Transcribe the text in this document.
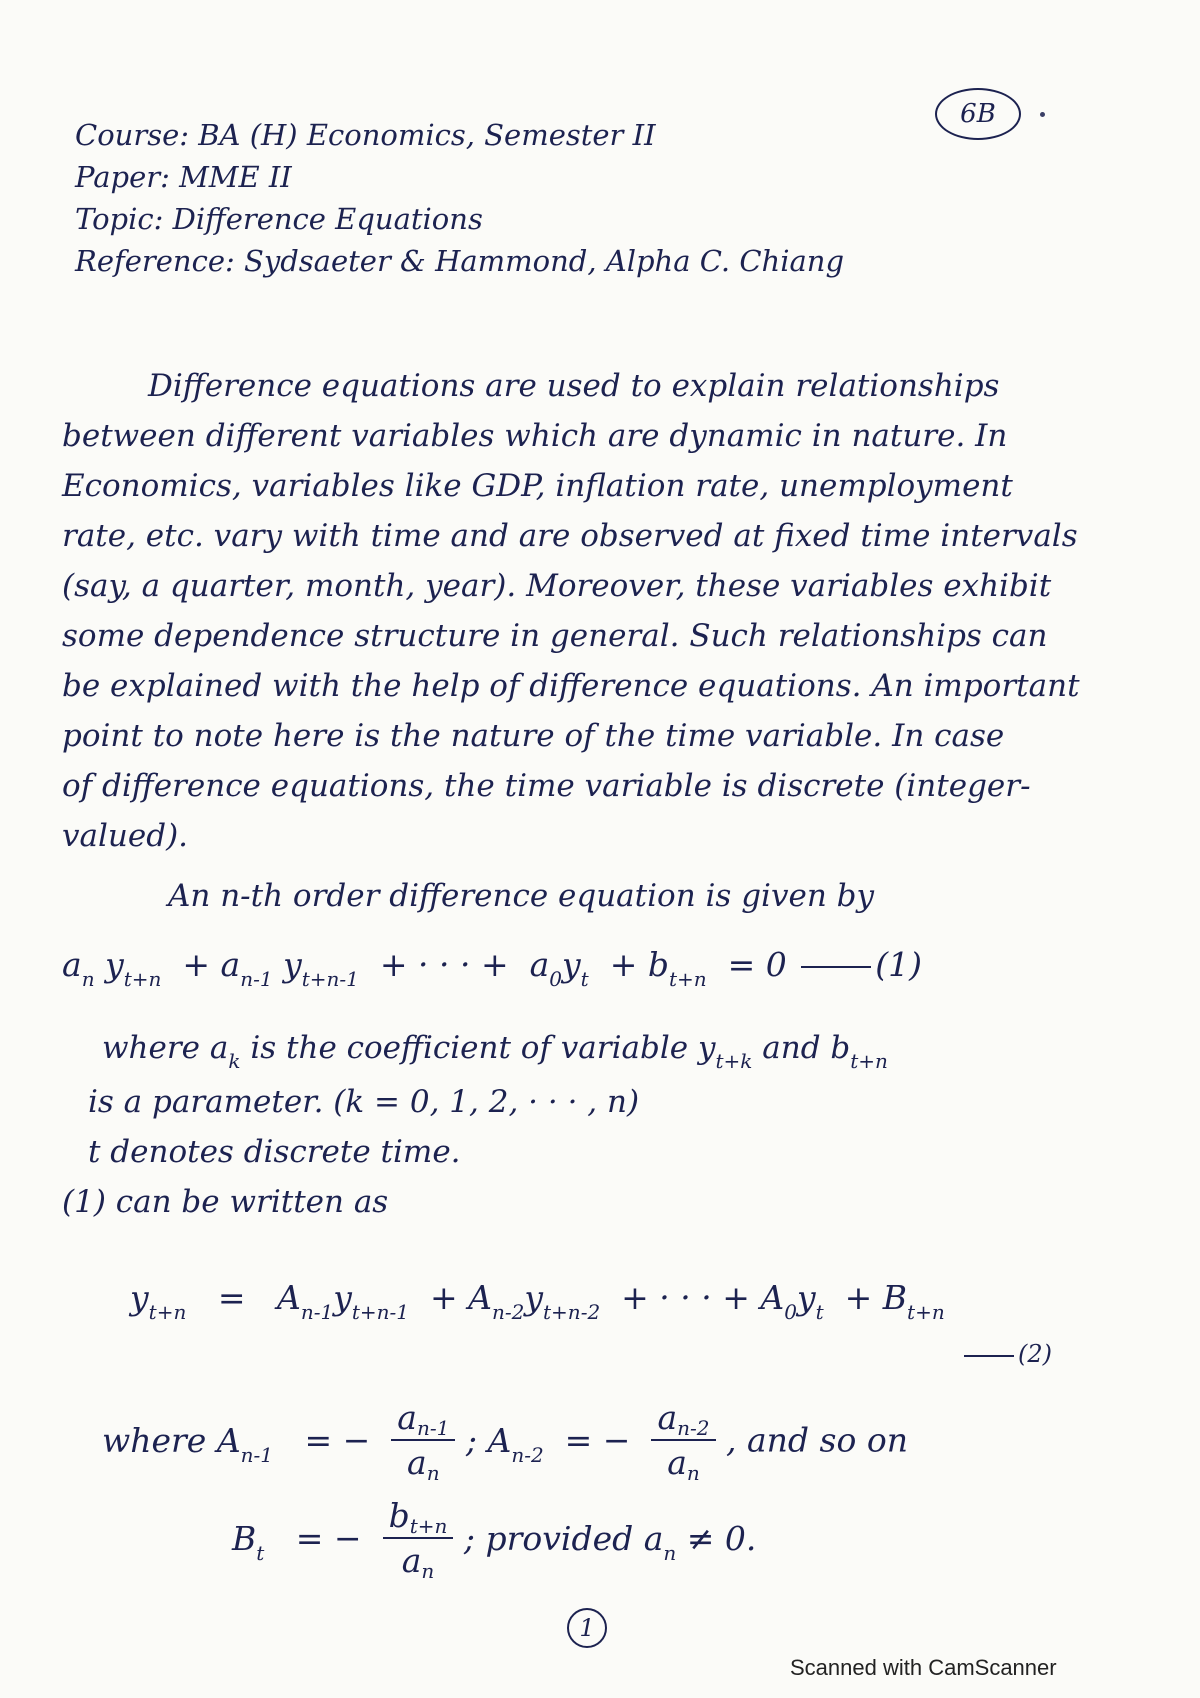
6B
Course: BA (H) Economics, Semester II
Paper: MME II
Topic: Difference Equations
Reference: Sydsaeter & Hammond, Alpha C. Chiang
Difference equations are used to explain relationships
between different variables which are dynamic in nature. In
Economics, variables like GDP, inflation rate, unemployment
rate, etc. vary with time and are observed at fixed time intervals
(say, a quarter, month, year). Moreover, these variables exhibit
some dependence structure in general. Such relationships can
be explained with the help of difference equations. An important
point to note here is the nature of the time variable. In case
of difference equations, the time variable is discrete (integer-
valued).
An n-th order difference equation is given by
$a_n$ $y_{t+n} + a_{n-1}$ $y_{t+n-1}$ + · · · + $a_0y_t + b_{t+n} = 0$	(1)
where $a_k$ is the coefficient of variable $y_{t+k}$ and $b_{t+n}$
is a parameter. (k = 0, 1, 2, · · · , n)
t denotes discrete time.
(1) can be written as
$y_{t+n} = A_{n-1}y_{t+n-1} + A_{n-2}y_{t+n-2}$ + · · · + $A_0y_t + B_{t+n}$
(2)
where $A_{n-1}$ = − $\frac{an-1}{an}$ ; $A_{n-2}$ = − $\frac{an-2}{an}$ , and so on
$B_t$ = − $\frac{bt+n}{an}$ ; provided $a_n \ne 0$.
1
Scanned with CamScanner
